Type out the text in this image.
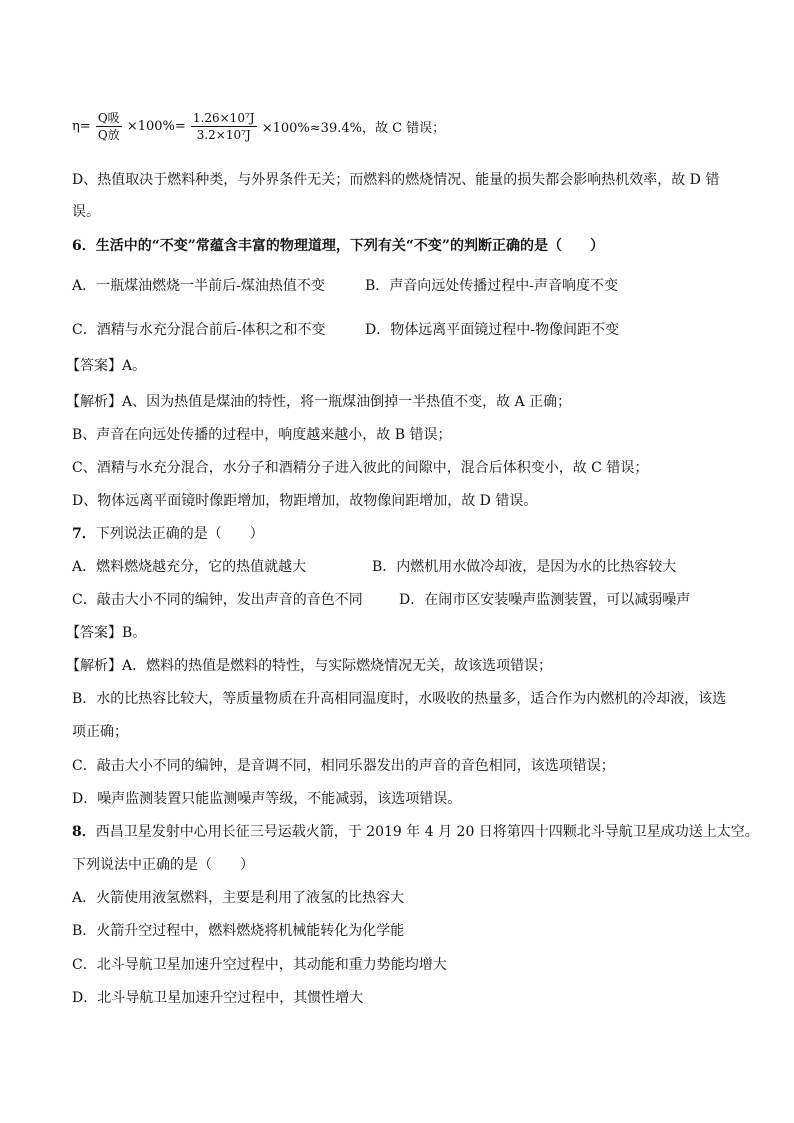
$\eta= \frac{\text{Q吸}}{\text{Q放}} \times 100\%= \frac{\text{1.26×10⁷J}}{\text{3.2×10⁷J}} \times 100\%\approx 39.4\%$，故 C 错误；
D、热值取决于燃料种类，与外界条件无关；而燃料的燃烧情况、能量的损失都会影响热机效率，故 D 错
误。
6．生活中的“不变”常蕴含丰富的物理道理，下列有关“不变”的判断正确的是（　　）
A．一瓶煤油燃烧一半前后-煤油热值不变	B．声音向远处传播过程中-声音响度不变
C．酒精与水充分混合前后-体积之和不变	D．物体远离平面镜过程中-物像间距不变
【答案】A。
【解析】A、因为热值是煤油的特性，将一瓶煤油倒掉一半热值不变，故 A 正确；
B、声音在向远处传播的过程中，响度越来越小，故 B 错误；
C、酒精与水充分混合，水分子和酒精分子进入彼此的间隙中，混合后体积变小，故 C 错误；
D、物体远离平面镜时像距增加，物距增加，故物像间距增加，故 D 错误。
7．下列说法正确的是（　　）
A．燃料燃烧越充分，它的热值就越大	B．内燃机用水做冷却液，是因为水的比热容较大
C．敲击大小不同的编钟，发出声音的音色不同	D．在闹市区安装噪声监测装置，可以减弱噪声
【答案】B。
【解析】A．燃料的热值是燃料的特性，与实际燃烧情况无关，故该选项错误；
B．水的比热容比较大，等质量物质在升高相同温度时，水吸收的热量多，适合作为内燃机的冷却液，该选
项正确；
C．敲击大小不同的编钟，是音调不同，相同乐器发出的声音的音色相同，该选项错误；
D．噪声监测装置只能监测噪声等级，不能减弱，该选项错误。
8．西昌卫星发射中心用长征三号运载火箭，于 2019 年 4 月 20 日将第四十四颗北斗导航卫星成功送上太空。
下列说法中正确的是（　　）
A．火箭使用液氢燃料，主要是利用了液氢的比热容大
B．火箭升空过程中，燃料燃烧将机械能转化为化学能
C．北斗导航卫星加速升空过程中，其动能和重力势能均增大
D．北斗导航卫星加速升空过程中，其惯性增大
